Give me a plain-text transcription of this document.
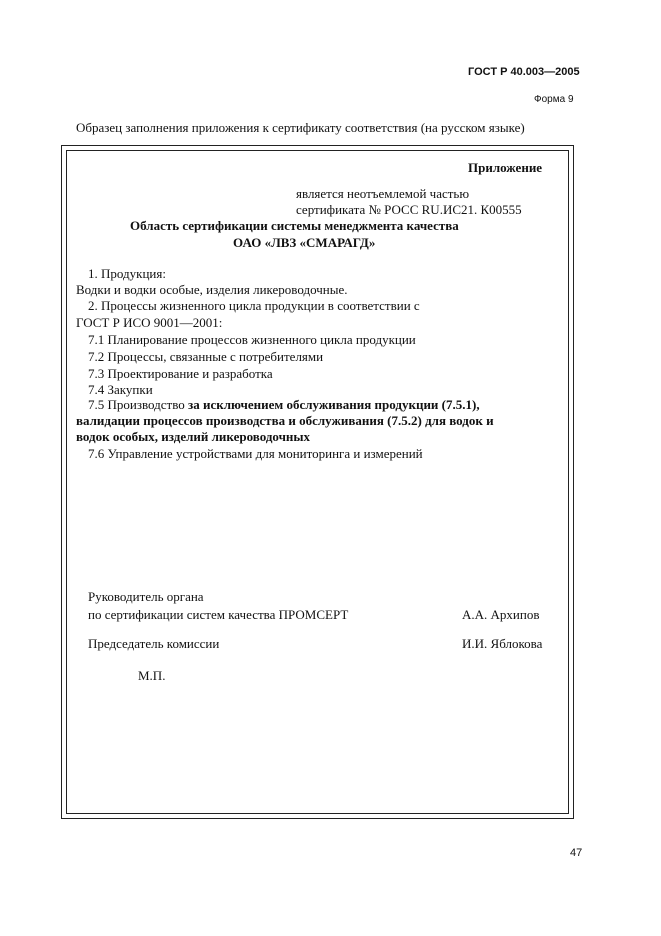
ГОСТ Р 40.003—2005
Форма 9
Образец заполнения приложения к сертификату соответствия (на русском языке)
Приложение
является неотъемлемой частью
сертификата № РОСС RU.ИС21. К00555
Область сертификации системы менеджмента качества
ОАО «ЛВЗ «СМАРАГД»
1. Продукция:
Водки и водки особые, изделия ликероводочные.
2. Процессы жизненного цикла продукции в соответствии с
ГОСТ Р ИСО 9001—2001:
7.1 Планирование процессов жизненного цикла продукции
7.2 Процессы, связанные с потребителями
7.3 Проектирование и разработка
7.4 Закупки
7.5 Производство за исключением обслуживания продукции (7.5.1),
валидации процессов производства и обслуживания (7.5.2) для водок и
водок особых, изделий ликероводочных
7.6 Управление устройствами для мониторинга и измерений
Руководитель органа
по сертификации систем качества ПРОМСЕРТ	А.А. Архипов
Председатель комиссии	И.И. Яблокова
М.П.
47
